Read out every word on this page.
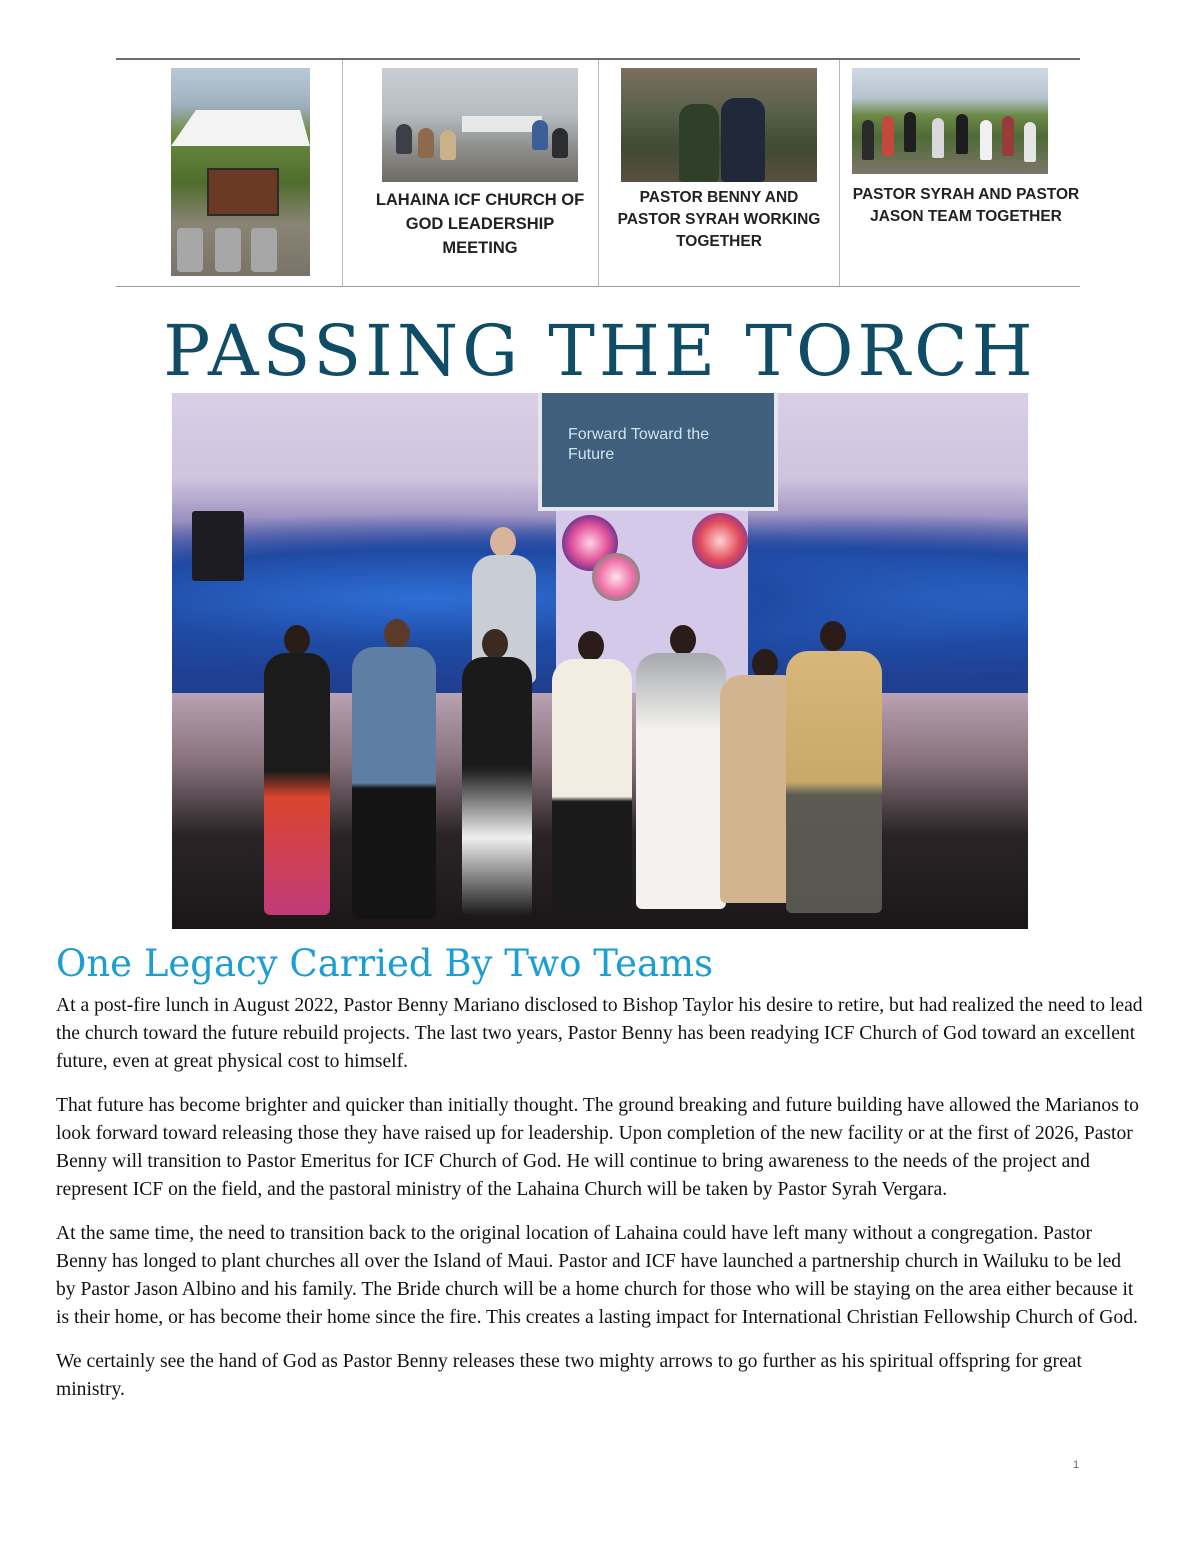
LAHAINA ICF CHURCH OF GOD LEADERSHIP MEETING
PASTOR BENNY AND PASTOR SYRAH WORKING TOGETHER
PASTOR SYRAH AND PASTOR JASON TEAM TOGETHER
PASSING THE TORCH
Forward Toward the Future
One Legacy Carried By Two Teams

At a post-fire lunch in August 2022, Pastor Benny Mariano disclosed to Bishop Taylor his desire to retire, but had realized the need to lead the church toward the future rebuild projects. The last two years, Pastor Benny has been readying ICF Church of God toward an excellent future, even at great physical cost to himself.

That future has become brighter and quicker than initially thought. The ground breaking and future building have allowed the Marianos to look forward toward releasing those they have raised up for leadership. Upon completion of the new facility or at the first of 2026, Pastor Benny will transition to Pastor Emeritus for ICF Church of God. He will continue to bring awareness to the needs of the project and represent ICF on the field, and the pastoral ministry of the Lahaina Church will be taken by Pastor Syrah Vergara.

At the same time, the need to transition back to the original location of Lahaina could have left many without a congregation. Pastor Benny has longed to plant churches all over the Island of Maui. Pastor and ICF have launched a partnership church in Wailuku to be led by Pastor Jason Albino and his family. The Bride church will be a home church for those who will be staying on the area either because it is their home, or has become their home since the fire. This creates a lasting impact for International Christian Fellowship Church of God.

We certainly see the hand of God as Pastor Benny releases these two mighty arrows to go further as his spiritual offspring for great ministry.

1
